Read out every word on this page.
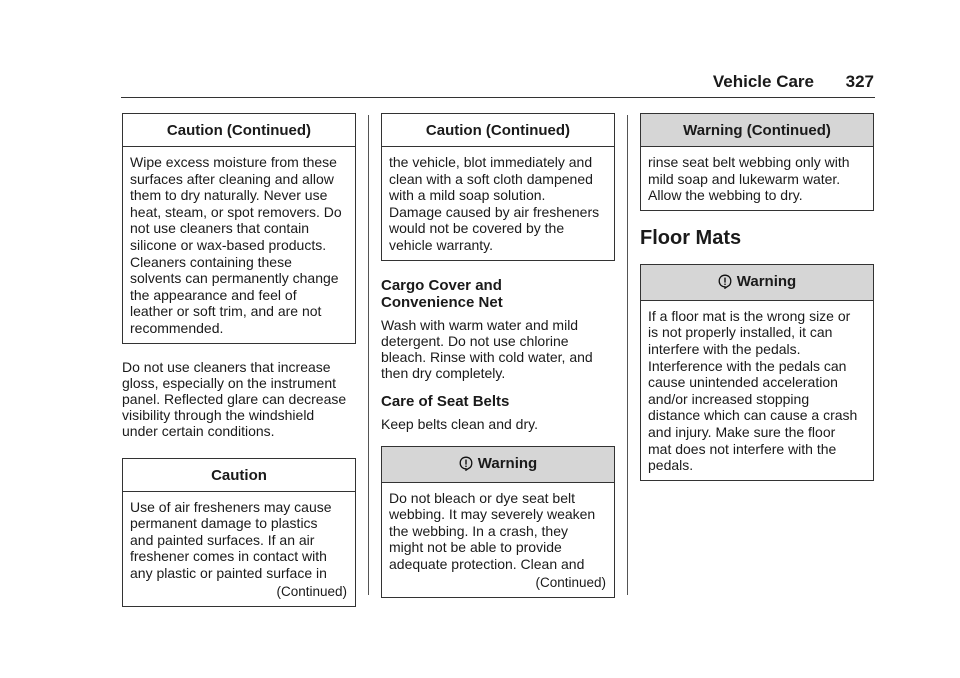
Vehicle Care 327
Caution (Continued)
Wipe excess moisture from these
surfaces after cleaning and allow
them to dry naturally. Never use
heat, steam, or spot removers. Do
not use cleaners that contain
silicone or wax-based products.
Cleaners containing these
solvents can permanently change
the appearance and feel of
leather or soft trim, and are not
recommended.
Do not use cleaners that increase
gloss, especially on the instrument
panel. Reflected glare can decrease
visibility through the windshield
under certain conditions.
Caution
Use of air fresheners may cause
permanent damage to plastics
and painted surfaces. If an air
freshener comes in contact with
any plastic or painted surface in
(Continued)
Caution (Continued)
the vehicle, blot immediately and
clean with a soft cloth dampened
with a mild soap solution.
Damage caused by air fresheners
would not be covered by the
vehicle warranty.
Cargo Cover and
Convenience Net
Wash with warm water and mild
detergent. Do not use chlorine
bleach. Rinse with cold water, and
then dry completely.
Care of Seat Belts
Keep belts clean and dry.
Warning
Do not bleach or dye seat belt
webbing. It may severely weaken
the webbing. In a crash, they
might not be able to provide
adequate protection. Clean and
(Continued)
Warning (Continued)
rinse seat belt webbing only with
mild soap and lukewarm water.
Allow the webbing to dry.
Floor Mats
Warning
If a floor mat is the wrong size or
is not properly installed, it can
interfere with the pedals.
Interference with the pedals can
cause unintended acceleration
and/or increased stopping
distance which can cause a crash
and injury. Make sure the floor
mat does not interfere with the
pedals.
